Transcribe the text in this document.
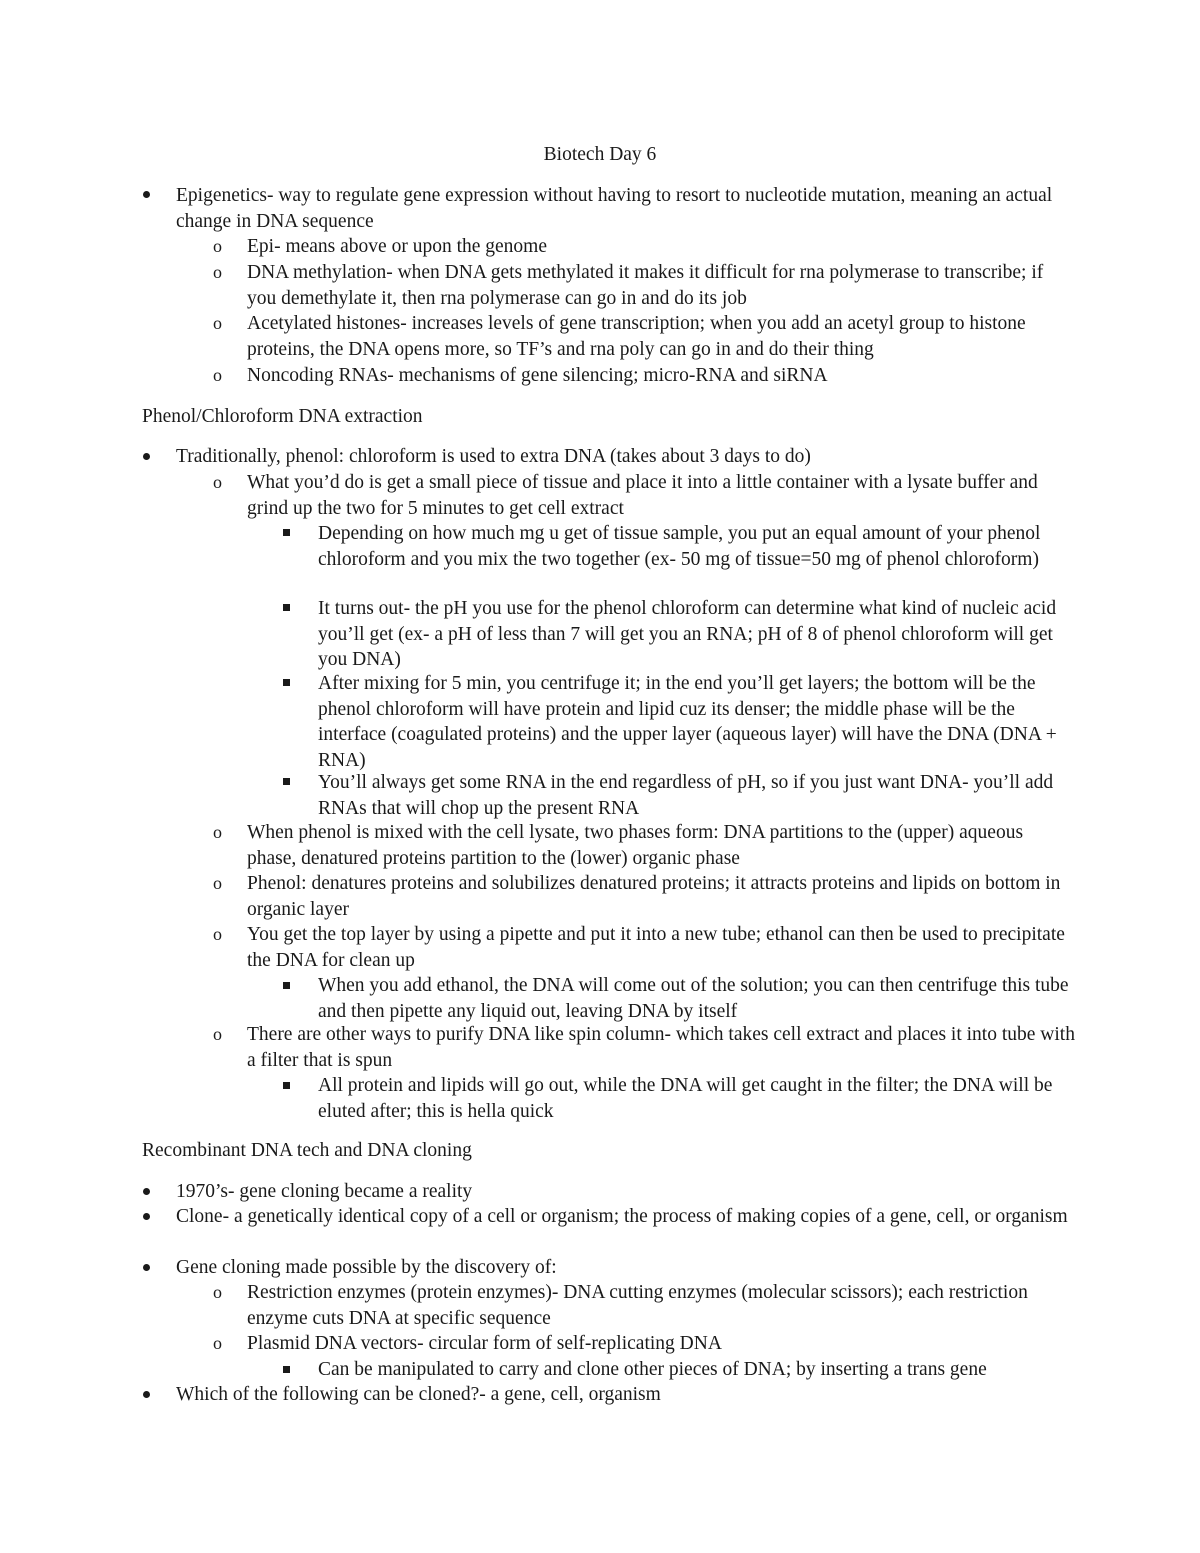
Biotech Day 6
Epigenetics- way to regulate gene expression without having to resort to nucleotide mutation, meaning an actual change in DNA sequence
o Epi- means above or upon the genome
o DNA methylation- when DNA gets methylated it makes it difficult for rna polymerase to transcribe; if you demethylate it, then rna polymerase can go in and do its job
o Acetylated histones- increases levels of gene transcription; when you add an acetyl group to histone proteins, the DNA opens more, so TF’s and rna poly can go in and do their thing
o Noncoding RNAs- mechanisms of gene silencing; micro-RNA and siRNA
Phenol/Chloroform DNA extraction
Traditionally, phenol: chloroform is used to extra DNA (takes about 3 days to do)
o What you’d do is get a small piece of tissue and place it into a little container with a lysate buffer and grind up the two for 5 minutes to get cell extract
Depending on how much mg u get of tissue sample, you put an equal amount of your phenol chloroform and you mix the two together (ex- 50 mg of tissue=50 mg of phenol chloroform)
It turns out- the pH you use for the phenol chloroform can determine what kind of nucleic acid you’ll get (ex- a pH of less than 7 will get you an RNA; pH of 8 of phenol chloroform will get you DNA)
After mixing for 5 min, you centrifuge it; in the end you’ll get layers; the bottom will be the phenol chloroform will have protein and lipid cuz its denser; the middle phase will be the interface (coagulated proteins) and the upper layer (aqueous layer) will have the DNA (DNA + RNA)
You’ll always get some RNA in the end regardless of pH, so if you just want DNA- you’ll add RNAs that will chop up the present RNA
o When phenol is mixed with the cell lysate, two phases form: DNA partitions to the (upper) aqueous phase, denatured proteins partition to the (lower) organic phase
o Phenol: denatures proteins and solubilizes denatured proteins; it attracts proteins and lipids on bottom in organic layer
o You get the top layer by using a pipette and put it into a new tube; ethanol can then be used to precipitate the DNA for clean up
When you add ethanol, the DNA will come out of the solution; you can then centrifuge this tube and then pipette any liquid out, leaving DNA by itself
o There are other ways to purify DNA like spin column- which takes cell extract and places it into tube with a filter that is spun
All protein and lipids will go out, while the DNA will get caught in the filter; the DNA will be eluted after; this is hella quick
Recombinant DNA tech and DNA cloning
1970’s- gene cloning became a reality
Clone- a genetically identical copy of a cell or organism; the process of making copies of a gene, cell, or organism
Gene cloning made possible by the discovery of:
o Restriction enzymes (protein enzymes)- DNA cutting enzymes (molecular scissors); each restriction enzyme cuts DNA at specific sequence
o Plasmid DNA vectors- circular form of self-replicating DNA
Can be manipulated to carry and clone other pieces of DNA; by inserting a trans gene
Which of the following can be cloned?- a gene, cell, organism
